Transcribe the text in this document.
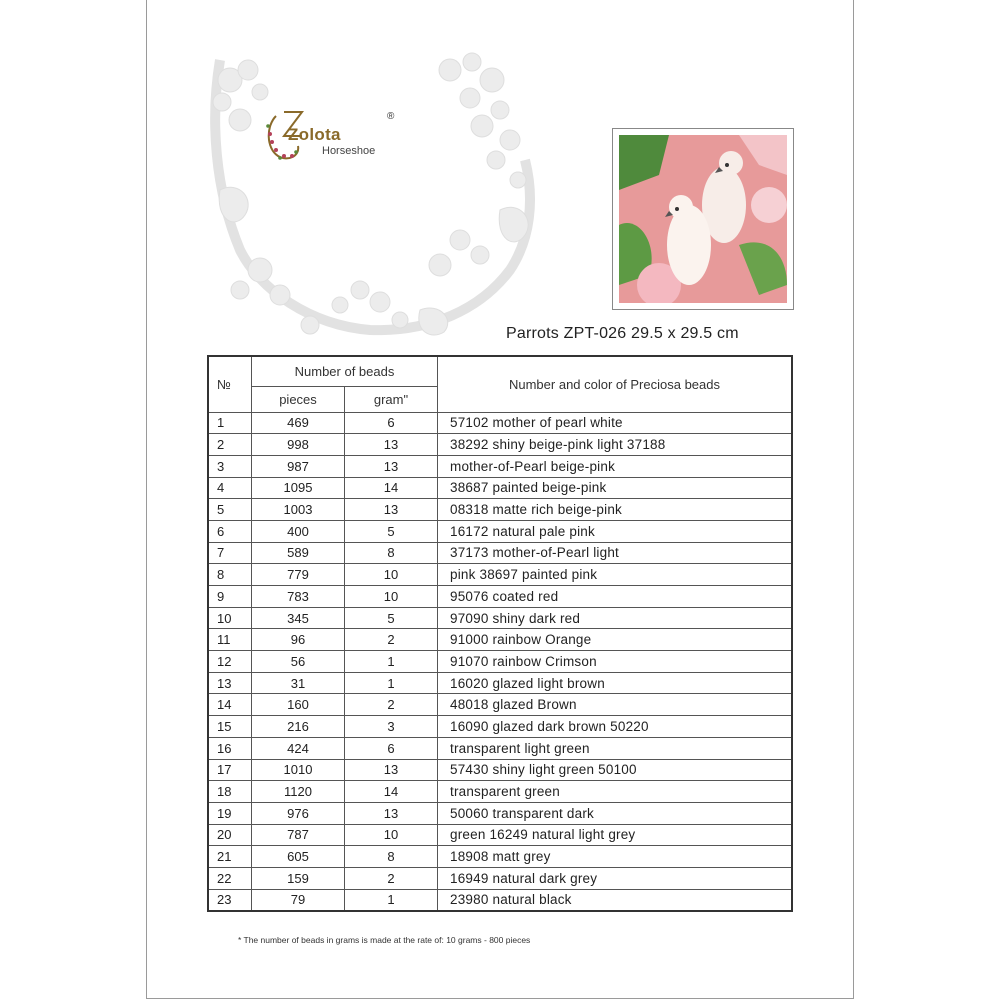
Zolota
®
Horseshoe
Parrots ZPT-026 29.5 x 29.5 cm
№	Number of beads		Number and color of Preciosa beads
	pieces	gram"	
1	469	6	57102 mother of pearl white
2	998	13	38292 shiny beige-pink light 37188
3	987	13	mother-of-Pearl beige-pink
4	1095	14	38687 painted beige-pink
5	1003	13	08318 matte rich beige-pink
6	400	5	16172 natural pale pink
7	589	8	37173 mother-of-Pearl light
8	779	10	pink 38697 painted pink
9	783	10	95076 coated red
10	345	5	97090 shiny dark red
11	96	2	91000 rainbow Orange
12	56	1	91070 rainbow Crimson
13	31	1	16020 glazed light brown
14	160	2	48018 glazed Brown
15	216	3	16090 glazed dark brown 50220
16	424	6	transparent light green
17	1010	13	57430 shiny light green 50100
18	1120	14	transparent green
19	976	13	50060 transparent dark
20	787	10	green 16249 natural light grey
21	605	8	18908 matt grey
22	159	2	16949 natural dark grey
23	79	1	23980 natural black
* The number of beads in grams is made at the rate of: 10 grams - 800 pieces
